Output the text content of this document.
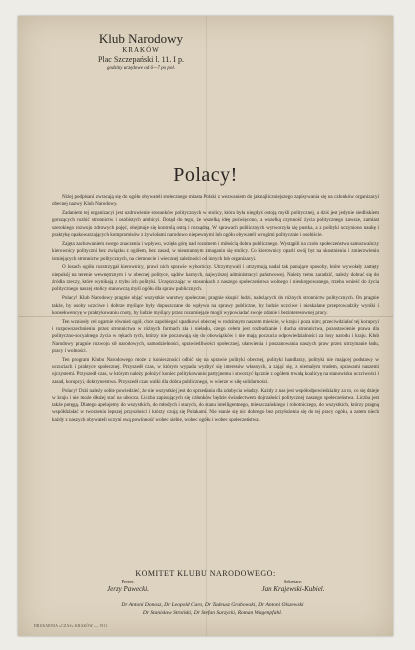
Klub Narodowy
KRAKÓW
Plac Szczepański l. 11. I p.
godziny urzędowe od 6—7 po poł.
Polacy!

Niżej podpisani zwracają się do ogółu obywateli stołecznego miasta Polski z wezwaniem do jaknajliczniejszego zapisywania się na członków organizacyi obecnej nazwy Klub Narodowy.

Zadaniem tej organizacyi jest uzdrowienie stosunków politycznych w stolicy, która była niegdyś ostoją myśli politycznej, a dziś jest jedynie siedliskiem gorszących rozbić stronnictw i osobistych ambicyi. Dotąd do tego, że wszelką ideę poświęcono, a wszelką czynność życia politycznego zawsze, zamiast szerokiego rozwoju zdrowych pojęć, obejmuje się kontrolą ostrą i rozsądną. W sprawach publicznych wytworzyła się pustka, a z polityki uczyniono naukę i praktykę opakowarzających kompromisów z żywiołami narodowo niepewnymi lub ogółu obywateli wrogimi politycznie i osobiście.

Zajęta zachowaniem swego znaczenia i wpływu, wzięła górę nad rozumem i miłością dobra publicznego. Wystąpili na czoło społeczeństwa samozwańczy kierownicy polityczni bez związku z ogółem, bez zasad, w nieustannym zmaganiu się stolicy. Co kierownicy oparli swój byt na skostnieniu i zmierzwieniu istniejących stronnictw politycznych, na ciemnocie i wiecznej zależności od innych lub organizacyi.

O losach ogółu rozstrzygał kierownicy, prawi nich sprawie wyboróczy. Utrzymywali i utrzymują nadal tak panujące sposoby, które wywołały zamęty niepokój na terenie wewnętrznym i w obecnej polityce, sądów karnych, najwyższej administracyi państwowej. Należy temu zaradzić, należy dobrać się do źródła rzeczy, które wynikają z trybu ich polityki. Uczęszczając w stosunkach z naszego społeczeństwa wolnego i nieskrępowanego, trzeba wnieść do życia politycznego naszej stolicy stanowczą myśl ogółu dla spraw publicznych.

Polacy! Klub Narodowy pragnie objąć wszystkie warstwy społeczne, pragnie skupić ludzi, należących do różnych stronnictw politycznych. On pragnie także, by osoby uczciwe i dobrze myślące były dopuszczane do wpływu na sprawy publiczne, by ludzie uczciwe i nieskalane przeprowadziły wyniki i konsekwencyę w praktykowaniu cnoty, by ludzie myślący przez rozumiejące mogli wypowiadać swoje zdanie i bezinteresownej pracy.

Ten wzniosły cel ogarnie również ogół, chce zapobiegać upadkowi obecnej w rodzinnym naszem mieście, w kraju i poza nim; przeciwdziałać tej korupcyi i rozpowszechnieniu przez stronnictwa w różnych formach zła i nieładu, czego celem jest rozbudzanie i ducha stronnictwa, pozostawienie prawa dla polityczno-socyalnego życia w rękach tych, którzy nie poczuwają się do obowiązków i nie mają poczucia odpowiedzialności za losy narodu i kraju. Klub Narodowy pragnie rozwoju sił narodowych, samodzielności, sprawiedliwości społecznej, ułatwienia i poszanowania naszych praw przez utrzymanie ładu, pracy i wolności.

Ten program Klubu Narodowego może z konieczności odbić się na sprawie polityki obecnej, polityki handlarzy, polityki nie mającej podstawy w uczuciach i praktyce społecznej. Przyszedł czas, w którym wypada wyzbyć się interesów własnych, a zająć się, z niemałym trudem, sprawami naszemi ojczystemi. Przyszedł czas, w którym należy położyć koniec politykowaniu partyjnemu i stworzyć łącznie z ogółem trwałą koalicyę na stanowisku uczciwości i zasad, korupcyi, doktrynerstwa. Przyszedł czas walki dla dobra publicznego, w wierze w siłę solidarności.

Polacy! Dziś należy sobie powiedzieć, że nie wszystkiej jest do sprzedania dla zdobycia władzy. Każdy z nas jest współodpowiedzialny za to, co się dzieje w kraju i nie może dłużej stać na uboczu. Liczba zapisujących się członków będzie świadectwem dojrzałości politycznej naszego społeczeństwa. Liczba jest także potęgą. Dlatego apelujemy do wszystkich, do młodych i starych, do stanu intelligentnego, mieszczańskiego i robotniczego, do wszystkich, którzy pragną współdziałać w tworzeniu lepszej przyszłości i którzy czują się Polakami. Nie stanie się nic dobrego bez przyłożenia się do tej pracy ogółu, a zatem niech każdy z naszych obywateli uczyni swą powinność wobec siebie, wobec ogółu i wobec społeczeństwa.

KOMITET KLUBU NARODOWEGO:
Prezes:
Jerzy Pawecki.
Sekretarz:
Jan Krajewski-Kubiel.
Dr Antoni Donosz, Dr Leopold Caro, Dr Tadeusz Grabowski, Dr Antoni Olszewski
Dr Stanisław Stroński, Dr Stefan Surzycki, Roman Wagenpfahl.
DRUKARNIA »CZAS« KRAKÓW — 1911
